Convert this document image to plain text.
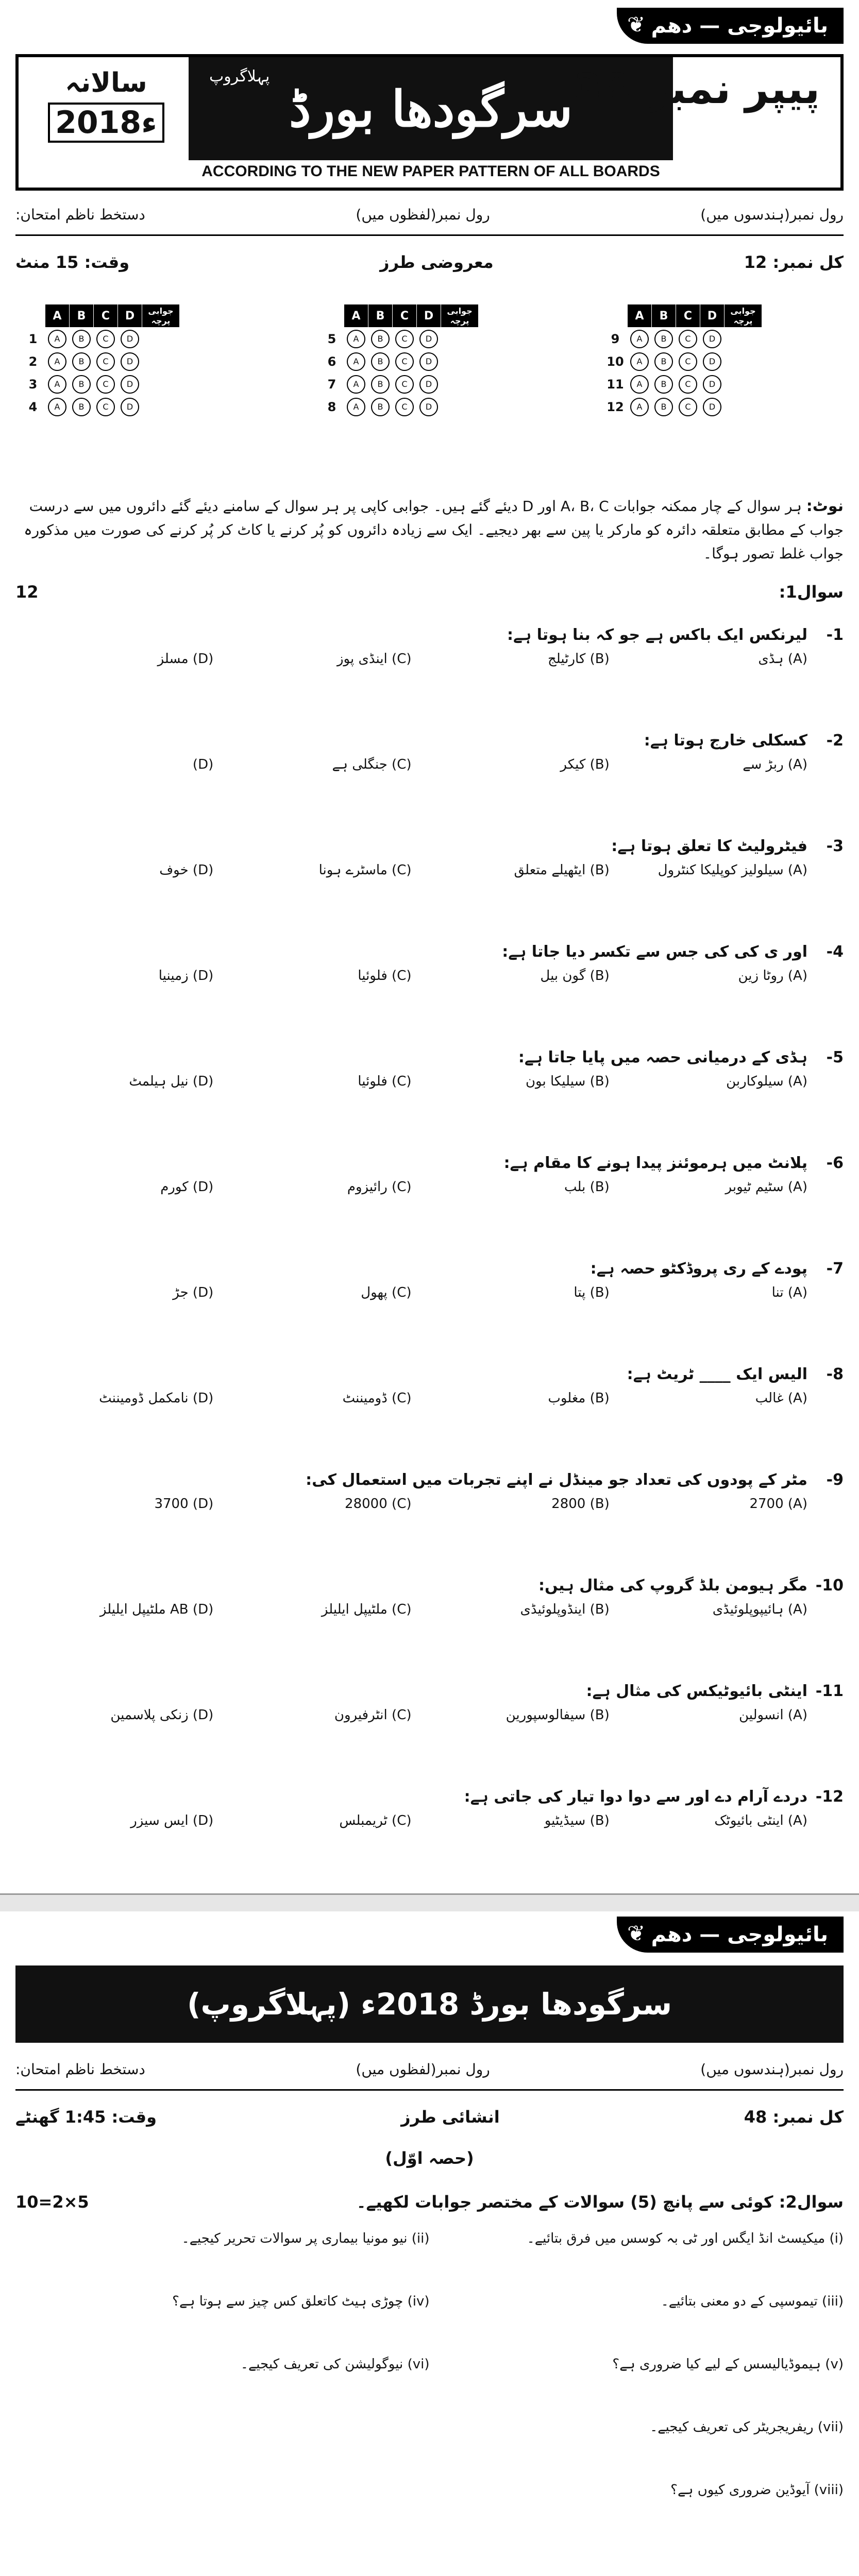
❦ بائیولوجی — دھم
سالانہ
2018ء
پہلاگروپ
سرگودھا بورڈ پیپر نمبر 38
ACCORDING TO THE NEW PAPER PATTERN OF ALL BOARDS
رول نمبر(ہندسوں میں)
رول نمبر(لفظوں میں)
دستخط ناظم امتحان:
کل نمبر: 12
معروضی طرز
وقت: 15 منٹ
	A	B	C	D	جوابی پرچہ
9	A	B	C	D	
10	A	B	C	D	
11	A	B	C	D	
12	A	B	C	D	
	A	B	C	D	جوابی پرچہ
5	A	B	C	D	
6	A	B	C	D	
7	A	B	C	D	
8	A	B	C	D	
	A	B	C	D	جوابی پرچہ
1	A	B	C	D	
2	A	B	C	D	
3	A	B	C	D	
4	A	B	C	D	
نوٹ: ہر سوال کے چار ممکنہ جوابات A، B، C اور D دیئے گئے ہیں۔ جوابی کاپی پر ہر سوال کے سامنے دیئے گئے دائروں میں سے درست جواب کے مطابق متعلقہ دائرہ کو مارکر یا پین سے بھر دیجیے۔ ایک سے زیادہ دائروں کو پُر کرنے یا کاٹ کر پُر کرنے کی صورت میں مذکورہ جواب غلط تصور ہوگا۔
سوال1:
12
1-لیرنکس ایک باکس ہے جو کہ بنا ہوتا ہے:
(A) ہڈی
(B) کارٹیلج
(C) اینڈی پوز
(D) مسلز
2-کسکلی خارج ہوتا ہے:
(A) ربڑ سے
(B) کیکر
(C) جنگلی ہے
(D)
3-فیٹرولیٹ کا تعلق ہوتا ہے:
(A) سیلولیز کوپلیکا کنٹرول
(B) ایٹھیلے متعلق
(C) ماسٹرے ہونا
(D) خوف
4-اور ی کی کی جس سے تکسر دیا جاتا ہے:
(A) روٹا زین
(B) گون بیل
(C) فلوئیا
(D) زمینیا
5-ہڈی کے درمیانی حصہ میں پایا جاتا ہے:
(A) سیلوکاربن
(B) سیلیکا بون
(C) فلوئیا
(D) نیل ہیلمٹ
6-پلانٹ میں ہرموئنز پیدا ہونے کا مقام ہے:
(A) سٹیم ٹیوبر
(B) بلب
(C) رائیزوم
(D) کورم
7-پودے کے ری پروڈکٹو حصہ ہے:
(A) تنا
(B) پتا
(C) پھول
(D) جڑ
8-الیس ایک ____ ٹریٹ ہے:
(A) غالب
(B) مغلوب
(C) ڈومیننٹ
(D) نامکمل ڈومیننٹ
9-مٹر کے پودوں کی تعداد جو مینڈل نے اپنے تجربات میں استعمال کی:
(A) 2700
(B) 2800
(C) 28000
(D) 3700
10-مگر ہیومن بلڈ گروپ کی مثال ہیں:
(A) ہائیپوپلوئیڈی
(B) اینڈوپلوئیڈی
(C) ملٹیپل ایلیلز
(D) AB ملٹیپل ایلیلز
11-اینٹی بائیوٹیکس کی مثال ہے:
(A) انسولین
(B) سیفالوسپورین
(C) انٹرفیرون
(D) زنکی پلاسمین
12-دردے آرام دے اور سے دوا دوا تیار کی جاتی ہے:
(A) اینٹی بائیوٹک
(B) سیڈیٹیو
(C) ٹریمبلس
(D) ایس سیزر
❦ بائیولوجی — دھم
سرگودھا بورڈ 2018ء (پہلاگروپ)
رول نمبر(ہندسوں میں)
رول نمبر(لفظوں میں)
دستخط ناظم امتحان:
کل نمبر: 48
انشائی طرز
وقت: 1:45 گھنٹے
(حصہ اوّل)
سوال2: کوئی سے پانچ (5) سوالات کے مختصر جوابات لکھیے۔
5×2=10
(i) میکیسٹ انڈ ایگس اور ٹی بہ کوسس میں فرق بتائیے۔
(ii) نیو مونیا بیماری پر سوالات تحریر کیجیے۔
(iii) تیموسپی کے دو معنی بتائیے۔
(iv) چوڑی ہیٹ کاتعلق کس چیز سے ہوتا ہے؟
(v) ہیموڈیالیسس کے لیے کیا ضروری ہے؟
(vi) نیوگولیشن کی تعریف کیجیے۔
(vii) ریفریجریٹر کی تعریف کیجیے۔
(viii) آیوڈین ضروری کیوں ہے؟
